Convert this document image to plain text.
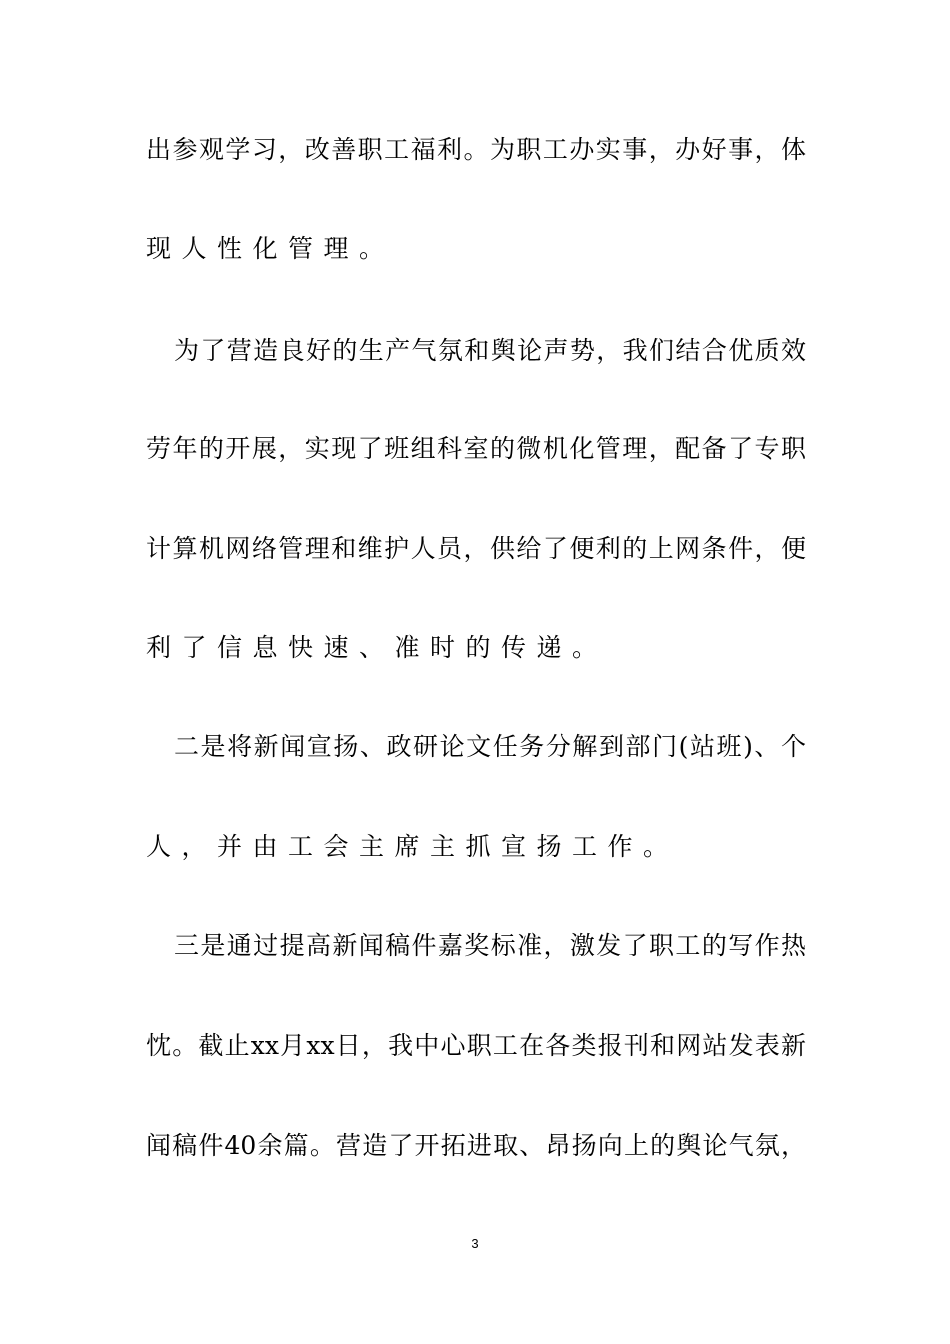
出参观学习，改善职工福利。为职工办实事，办好事，体
现人性化管理。
为了营造良好的生产气氛和舆论声势，我们结合优质效
劳年的开展，实现了班组科室的微机化管理，配备了专职
计算机网络管理和维护人员，供给了便利的上网条件，便
利了信息快速、准时的传递。
二是将新闻宣扬、政研论文任务分解到部门(站班)、个
人，并由工会主席主抓宣扬工作。
三是通过提高新闻稿件嘉奖标准，激发了职工的写作热
忱。截止xx月xx日，我中心职工在各类报刊和网站发表新
闻稿件40余篇。营造了开拓进取、昂扬向上的舆论气氛，
3
